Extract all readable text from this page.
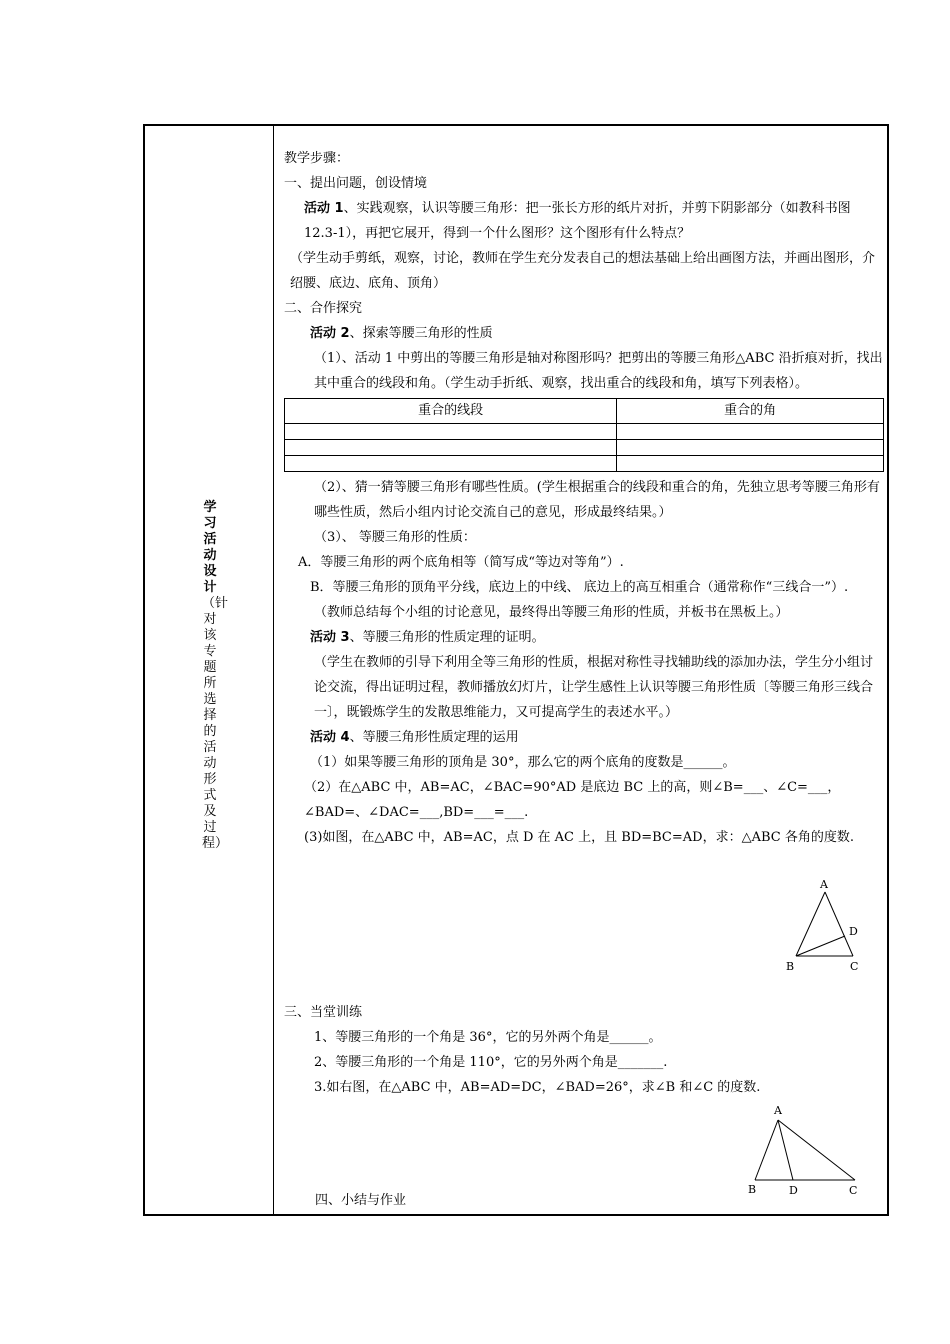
学习活动设计
（针对该专题所选择的活动形式及过程）

教学步骤：

一、提出问题，创设情境

活动 1、实践观察，认识等腰三角形：把一张长方形的纸片对折，并剪下阴影部分（如教科书图 12.3-1），再把它展开，得到一个什么图形？这个图形有什么特点？

（学生动手剪纸，观察，讨论，教师在学生充分发表自己的想法基础上给出画图方法，并画出图形，介绍腰、底边、底角、顶角）

二、合作探究

活动 2、探索等腰三角形的性质

（1）、活动 1 中剪出的等腰三角形是轴对称图形吗？把剪出的等腰三角形△ABC 沿折痕对折，找出其中重合的线段和角。（学生动手折纸、观察，找出重合的线段和角，填写下列表格）。

重合的线段	重合的角

（2）、猜一猜等腰三角形有哪些性质。(学生根据重合的线段和重合的角，先独立思考等腰三角形有哪些性质，然后小组内讨论交流自己的意见，形成最终结果。）

（3）、 等腰三角形的性质：

A．等腰三角形的两个底角相等（简写成“等边对等角”）.

B．等腰三角形的顶角平分线，底边上的中线、 底边上的高互相重合（通常称作“三线合一”）.

（教师总结每个小组的讨论意见，最终得出等腰三角形的性质，并板书在黑板上。）

活动 3、等腰三角形的性质定理的证明。

（学生在教师的引导下利用全等三角形的性质，根据对称性寻找辅助线的添加办法，学生分小组讨论交流，得出证明过程，教师播放幻灯片，让学生感性上认识等腰三角形性质〔等腰三角形三线合一〕，既锻炼学生的发散思维能力，又可提高学生的表述水平。）

活动 4、等腰三角形性质定理的运用

（1）如果等腰三角形的顶角是 30°，那么它的两个底角的度数是______。

（2）在△ABC 中，AB=AC，∠BAC=90°AD 是底边 BC 上的高，则∠B=___、∠C=___，∠BAD=、∠DAC=___,BD=___=___.

(3)如图，在△ABC 中，AB=AC，点 D 在 AC 上，且 BD=BC=AD，求：△ABC 各角的度数.

三、当堂训练

1、等腰三角形的一个角是 36°，它的另外两个角是______。

2、等腰三角形的一个角是 110°，它的另外两个角是_______.

3.如右图，在△ABC 中，AB=AD=DC，∠BAD=26°，求∠B 和∠C 的度数.

四、小结与作业

A
B	C
D
A
B	D	C
